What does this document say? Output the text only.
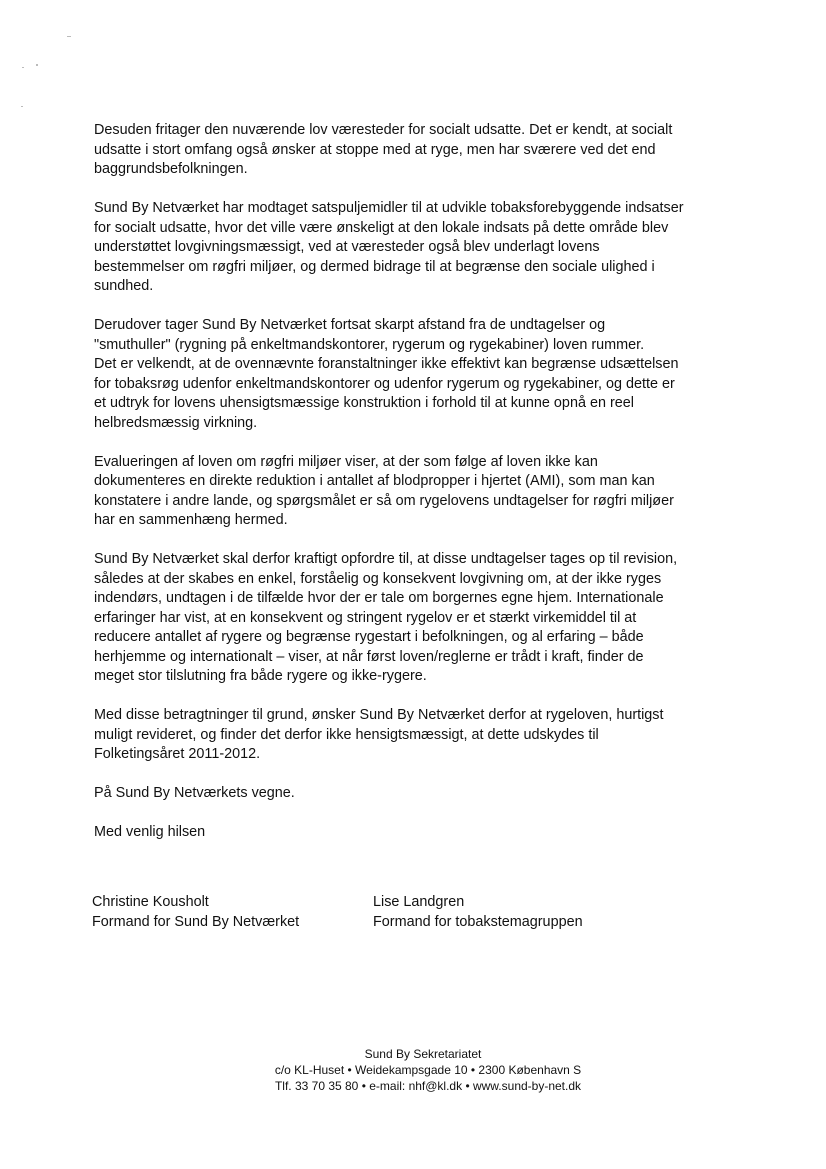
Desuden fritager den nuværende lov væresteder for socialt udsatte. Det er kendt, at socialt
udsatte i stort omfang også ønsker at stoppe med at ryge, men har sværere ved det end
baggrundsbefolkningen.

Sund By Netværket har modtaget satspuljemidler til at udvikle tobaksforebyggende indsatser
for socialt udsatte, hvor det ville være ønskeligt at den lokale indsats på dette område blev
understøttet lovgivningsmæssigt, ved at væresteder også blev underlagt lovens
bestemmelser om røgfri miljøer, og dermed bidrage til at begrænse den sociale ulighed i
sundhed.

Derudover tager Sund By Netværket fortsat skarpt afstand fra de undtagelser og
"smuthuller" (rygning på enkeltmandskontorer, rygerum og rygekabiner) loven rummer.
Det er velkendt, at de ovennævnte foranstaltninger ikke effektivt kan begrænse udsættelsen
for tobaksrøg udenfor enkeltmandskontorer og udenfor rygerum og rygekabiner, og dette er
et udtryk for lovens uhensigtsmæssige konstruktion i forhold til at kunne opnå en reel
helbredsmæssig virkning.

Evalueringen af loven om røgfri miljøer viser, at der som følge af loven ikke kan
dokumenteres en direkte reduktion i antallet af blodpropper i hjertet (AMI), som man kan
konstatere i andre lande, og spørgsmålet er så om rygelovens undtagelser for røgfri miljøer
har en sammenhæng hermed.

Sund By Netværket skal derfor kraftigt opfordre til, at disse undtagelser tages op til revision,
således at der skabes en enkel, forståelig og konsekvent lovgivning om, at der ikke ryges
indendørs, undtagen i de tilfælde hvor der er tale om borgernes egne hjem. Internationale
erfaringer har vist, at en konsekvent og stringent rygelov er et stærkt virkemiddel til at
reducere antallet af rygere og begrænse rygestart i befolkningen, og al erfaring – både
herhjemme og internationalt – viser, at når først loven/reglerne er trådt i kraft, finder de
meget stor tilslutning fra både rygere og ikke-rygere.

Med disse betragtninger til grund, ønsker Sund By Netværket derfor at rygeloven, hurtigst
muligt revideret, og finder det derfor ikke hensigtsmæssigt, at dette udskydes til
Folketingsåret 2011-2012.

På Sund By Netværkets vegne.

Med venlig hilsen

Christine Kousholt
Formand for Sund By Netværket
Lise Landgren
Formand for tobakstemagruppen
Sund By Sekretariatet
c/o KL-Huset • Weidekampsgade 10 • 2300 København S
Tlf. 33 70 35 80 • e-mail: nhf@kl.dk • www.sund-by-net.dk
